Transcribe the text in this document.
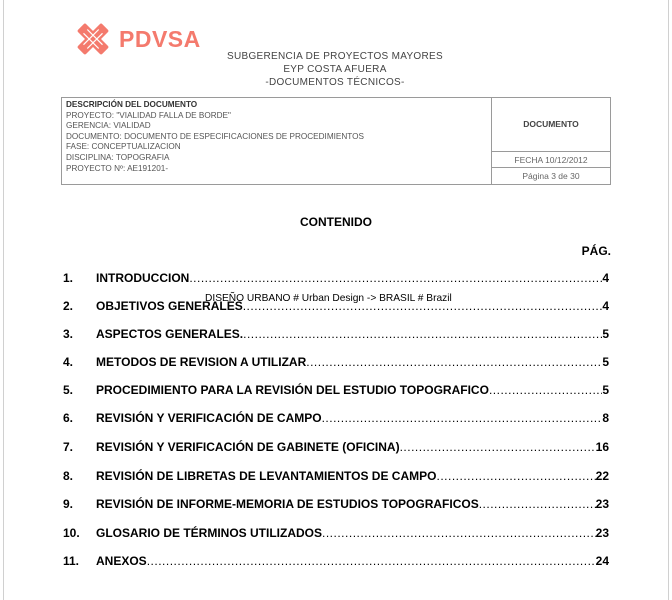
PDVSA
SUBGERENCIA DE PROYECTOS MAYORES
EYP COSTA AFUERA
-DOCUMENTOS TÉCNICOS-
DESCRIPCIÓN DEL DOCUMENTO
PROYECTO: "VIALIDAD FALLA DE BORDE"
GERENCIA: VIALIDAD
DOCUMENTO: DOCUMENTO DE ESPECIFICACIONES DE PROCEDIMIENTOS
FASE: CONCEPTUALIZACION
DISCIPLINA: TOPOGRAFIA
PROYECTO Nº: AE191201-
DOCUMENTO
FECHA 10/12/2012
Página 3 de 30
CONTENIDO
PÁG.
1.	INTRODUCCION .....	4
2.	OBJETIVOS GENERALES .....	4
3.	ASPECTOS GENERALES. .....	5
4.	METODOS DE REVISION A UTILIZAR .....	5
5.	PROCEDIMIENTO PARA LA REVISIÓN DEL ESTUDIO TOPOGRAFICO .....	5
6.	REVISIÓN Y VERIFICACIÓN DE CAMPO .....	8
7.	REVISIÓN Y VERIFICACIÓN DE GABINETE (OFICINA) .....	16
8.	REVISIÓN DE LIBRETAS DE LEVANTAMIENTOS DE CAMPO .....	22
9.	REVISIÓN DE INFORME-MEMORIA DE ESTUDIOS TOPOGRAFICOS .....	23
10.	GLOSARIO DE TÉRMINOS UTILIZADOS .....	23
11.	ANEXOS .....	24
DISEÑO URBANO # Urban Design -> BRASIL # Brazil
